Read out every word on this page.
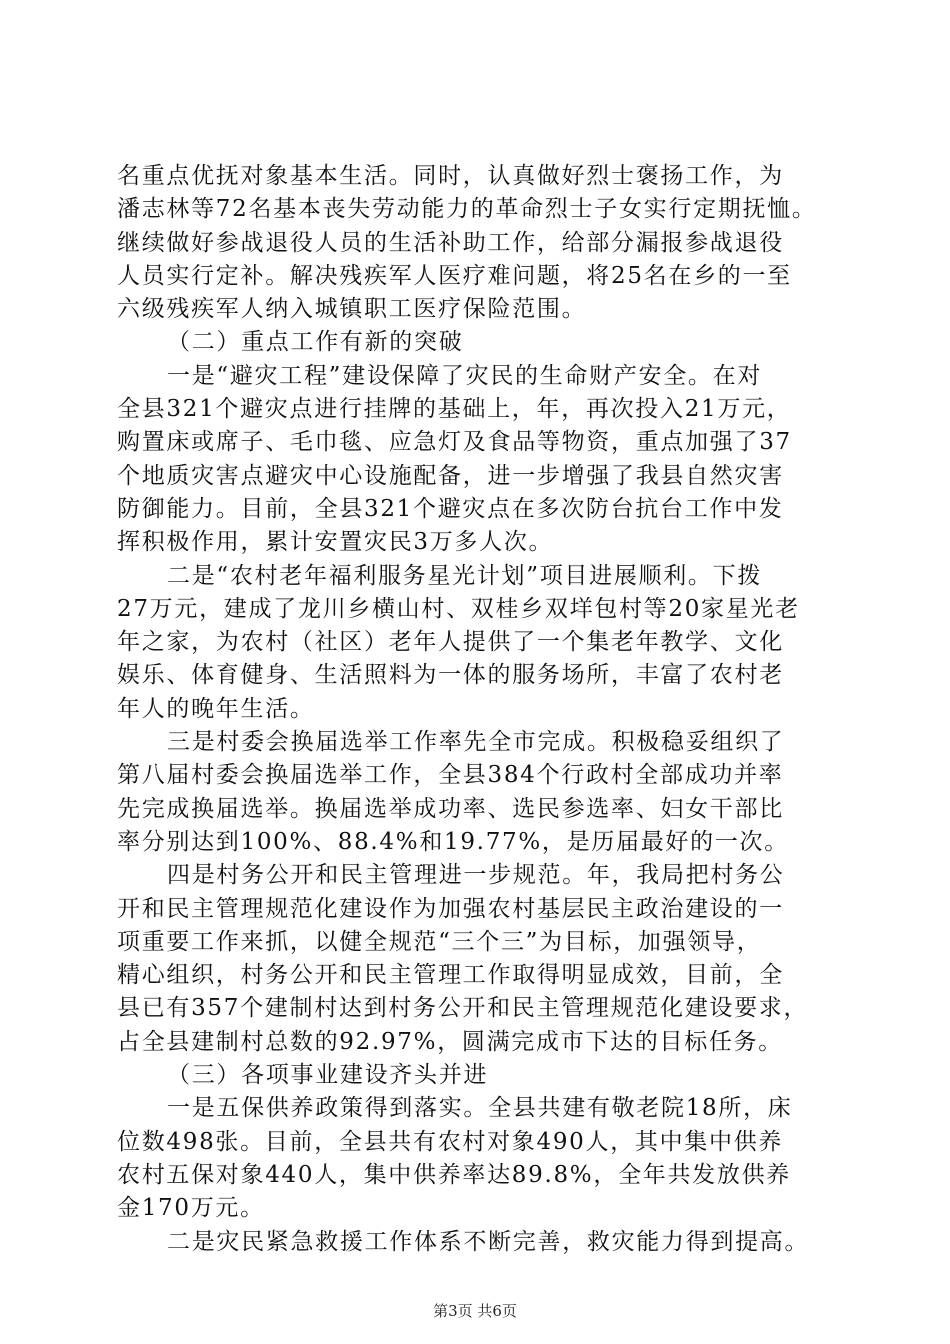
名重点优抚对象基本生活。同时，认真做好烈士褒扬工作，为
潘志林等72名基本丧失劳动能力的革命烈士子女实行定期抚恤。
继续做好参战退役人员的生活补助工作，给部分漏报参战退役
人员实行定补。解决残疾军人医疗难问题，将25名在乡的一至
六级残疾军人纳入城镇职工医疗保险范围。
（二）重点工作有新的突破
一是“避灾工程”建设保障了灾民的生命财产安全。在对
全县321个避灾点进行挂牌的基础上，年，再次投入21万元，
购置床或席子、毛巾毯、应急灯及食品等物资，重点加强了37
个地质灾害点避灾中心设施配备，进一步增强了我县自然灾害
防御能力。目前，全县321个避灾点在多次防台抗台工作中发
挥积极作用，累计安置灾民3万多人次。
二是“农村老年福利服务星光计划”项目进展顺利。下拨
27万元，建成了龙川乡横山村、双桂乡双垟包村等20家星光老
年之家，为农村（社区）老年人提供了一个集老年教学、文化
娱乐、体育健身、生活照料为一体的服务场所，丰富了农村老
年人的晚年生活。
三是村委会换届选举工作率先全市完成。积极稳妥组织了
第八届村委会换届选举工作，全县384个行政村全部成功并率
先完成换届选举。换届选举成功率、选民参选率、妇女干部比
率分别达到100%、88.4%和19.77%，是历届最好的一次。
四是村务公开和民主管理进一步规范。年，我局把村务公
开和民主管理规范化建设作为加强农村基层民主政治建设的一
项重要工作来抓，以健全规范“三个三”为目标，加强领导，
精心组织，村务公开和民主管理工作取得明显成效，目前，全
县已有357个建制村达到村务公开和民主管理规范化建设要求，
占全县建制村总数的92.97%，圆满完成市下达的目标任务。
（三）各项事业建设齐头并进
一是五保供养政策得到落实。全县共建有敬老院18所，床
位数498张。目前，全县共有农村对象490人，其中集中供养
农村五保对象440人，集中供养率达89.8%，全年共发放供养
金170万元。
二是灾民紧急救援工作体系不断完善，救灾能力得到提高。
第3页 共6页
